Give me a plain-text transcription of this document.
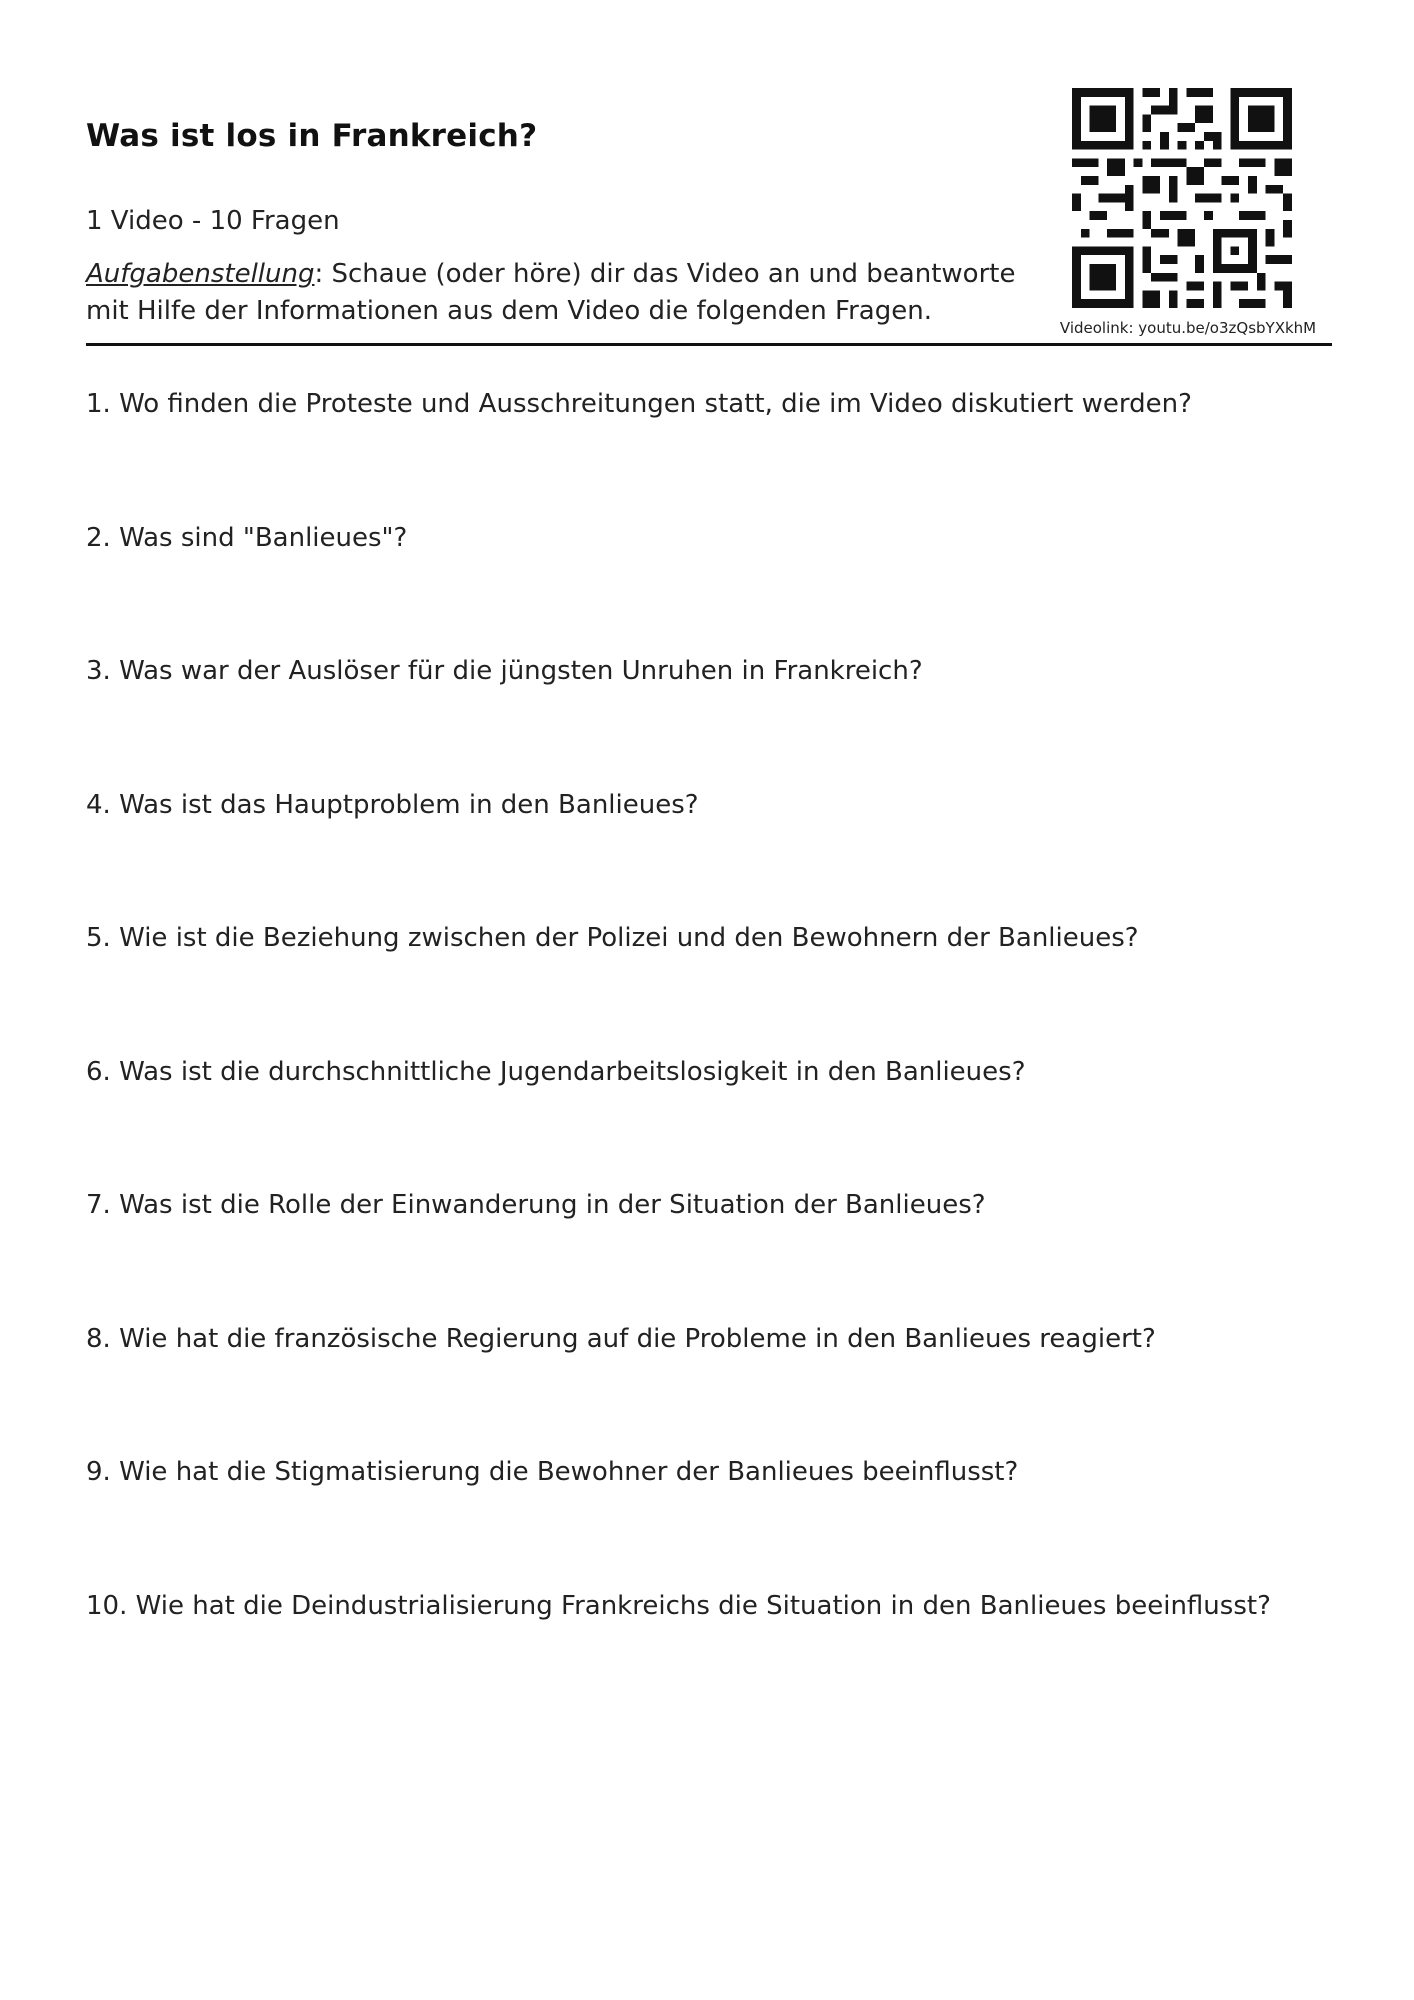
Was ist los in Frankreich?
1 Video - 10 Fragen
Aufgabenstellung: Schaue (oder höre) dir das Video an und beantworte mit Hilfe der Informationen aus dem Video die folgenden Fragen.
Videolink: youtu.be/o3zQsbYXkhM
1. Wo finden die Proteste und Ausschreitungen statt, die im Video diskutiert werden?
2. Was sind "Banlieues"?
3. Was war der Auslöser für die jüngsten Unruhen in Frankreich?
4. Was ist das Hauptproblem in den Banlieues?
5. Wie ist die Beziehung zwischen der Polizei und den Bewohnern der Banlieues?
6. Was ist die durchschnittliche Jugendarbeitslosigkeit in den Banlieues?
7. Was ist die Rolle der Einwanderung in der Situation der Banlieues?
8. Wie hat die französische Regierung auf die Probleme in den Banlieues reagiert?
9. Wie hat die Stigmatisierung die Bewohner der Banlieues beeinflusst?
10. Wie hat die Deindustrialisierung Frankreichs die Situation in den Banlieues beeinflusst?
